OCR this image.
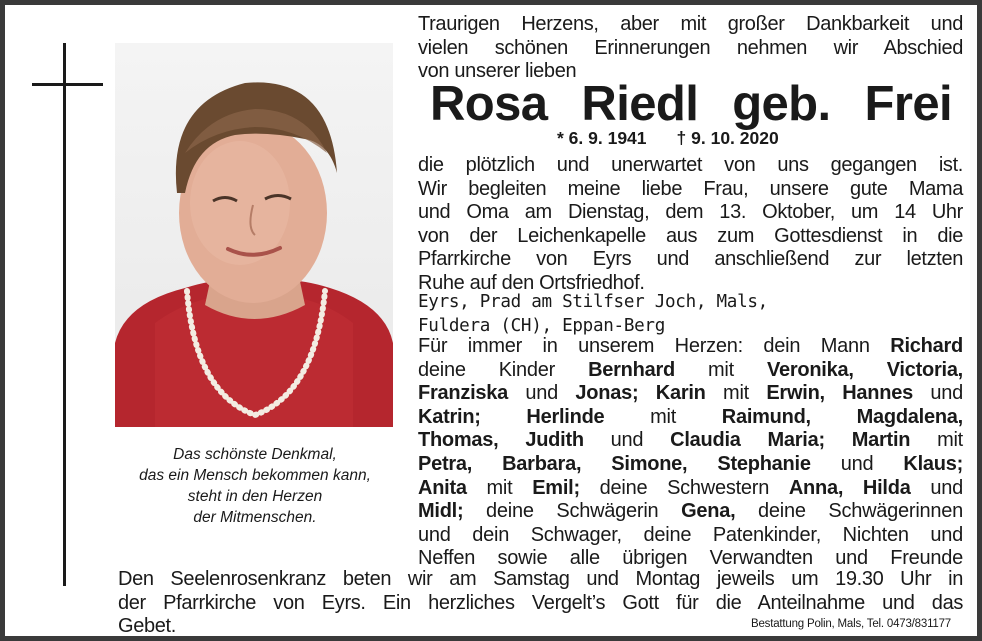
Das schönste Denkmal,
das ein Mensch bekommen kann,
steht in den Herzen
der Mitmenschen.
Traurigen Herzens, aber mit großer Dankbarkeit und
vielen schönen Erinnerungen nehmen wir Abschied
von unserer lieben
Rosa Riedl geb. Frei
* 6. 9. 1941 † 9. 10. 2020
die plötzlich und unerwartet von uns gegangen ist.
Wir begleiten meine liebe Frau, unsere gute Mama
und Oma am Dienstag, dem 13. Oktober, um 14 Uhr
von der Leichenkapelle aus zum Gottesdienst in die
Pfarrkirche von Eyrs und anschließend zur letzten
Ruhe auf den Ortsfriedhof.
Eyrs, Prad am Stilfser Joch, Mals,
Fuldera (CH), Eppan-Berg
Für immer in unserem Herzen: dein Mann Richard
deine Kinder Bernhard mit Veronika, Victoria,
Franziska und Jonas; Karin mit Erwin, Hannes und
Katrin; Herlinde mit Raimund, Magdalena,
Thomas, Judith und Claudia Maria; Martin mit
Petra, Barbara, Simone, Stephanie und Klaus;
Anita mit Emil; deine Schwestern Anna, Hilda und
Midl; deine Schwägerin Gena, deine Schwägerinnen
und dein Schwager, deine Patenkinder, Nichten und
Neffen sowie alle übrigen Verwandten und Freunde
Den Seelenrosenkranz beten wir am Samstag und Montag jeweils um 19.30 Uhr in
der Pfarrkirche von Eyrs. Ein herzliches Vergelt’s Gott für die Anteilnahme und das
Gebet.	Bestattung Polin, Mals, Tel. 0473/831177
